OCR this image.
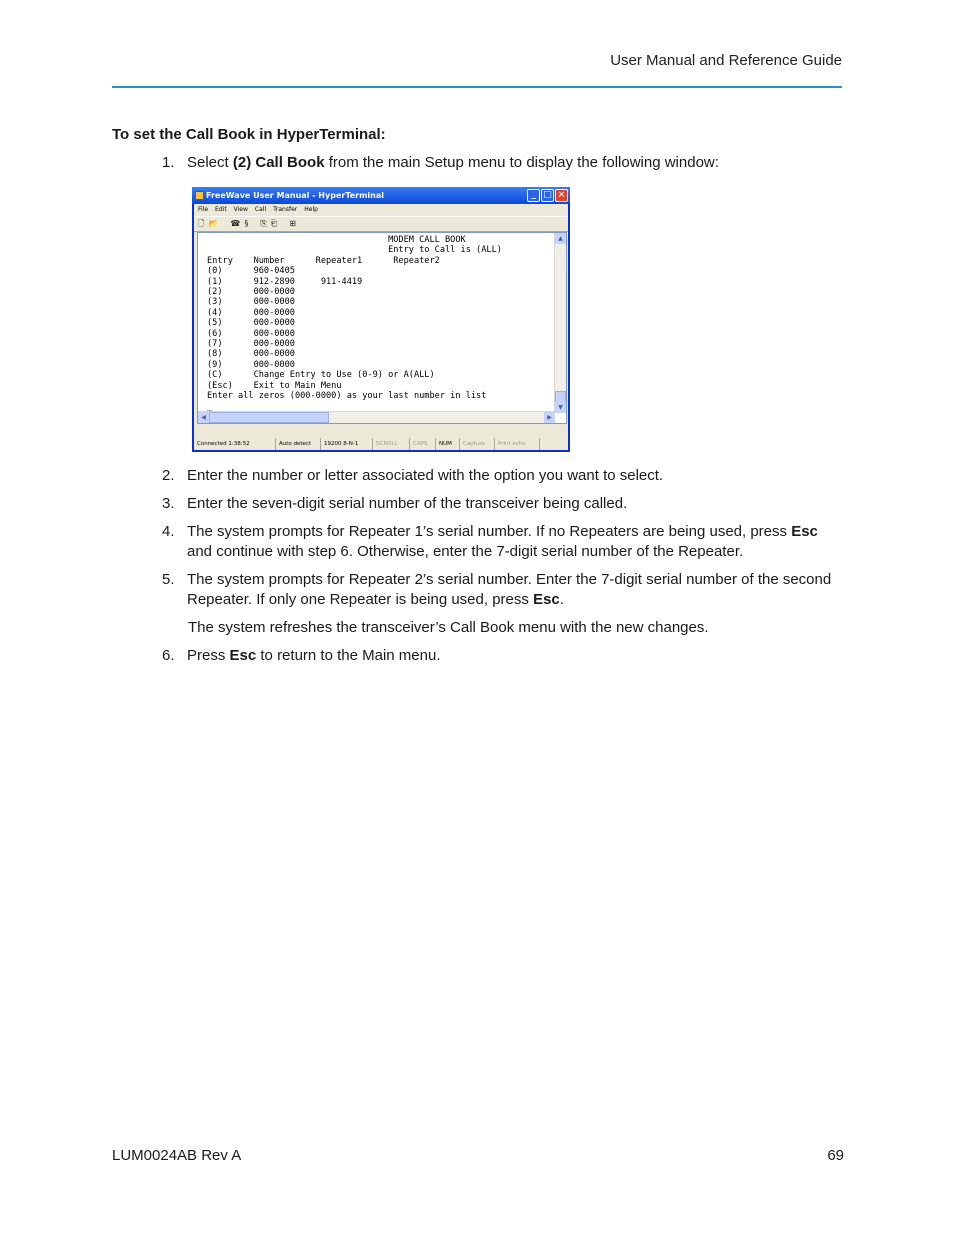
User Manual and Reference Guide
To set the Call Book in HyperTerminal:
1. Select (2) Call Book from the main Setup menu to display the following window:
FreeWave User Manual - HyperTerminal	_ □ ×
File Edit View Call Transfer Help
🗋 📂 ☎ § ⎘ ⎗ ⊞
MODEM CALL BOOK
Entry to Call is (ALL)
Entry    Number      Repeater1      Repeater2
(0)      960-0405
(1)      912-2890     911-4419
(2)      000-0000
(3)      000-0000
(4)      000-0000
(5)      000-0000
(6)      000-0000
(7)      000-0000
(8)      000-0000
(9)      000-0000
(C)      Change Entry to Use (0-9) or A(ALL)
(Esc)    Exit to Main Menu
Enter all zeros (000-0000) as your last number in list
_
▲
▼
◀	▶
Connected 1:38:52	Auto detect	19200 8-N-1	SCROLL	CAPS	NUM	Capture	Print echo
2. Enter the number or letter associated with the option you want to select.
3. Enter the seven-digit serial number of the transceiver being called.
4. The system prompts for Repeater 1’s serial number. If no Repeaters are being used, press Esc and continue with step 6. Otherwise, enter the 7-digit serial number of the Repeater.
5. The system prompts for Repeater 2’s serial number. Enter the 7-digit serial number of the second Repeater. If only one Repeater is being used, press Esc.
The system refreshes the transceiver’s Call Book menu with the new changes.
6. Press Esc to return to the Main menu.
LUM0024AB Rev A	69
